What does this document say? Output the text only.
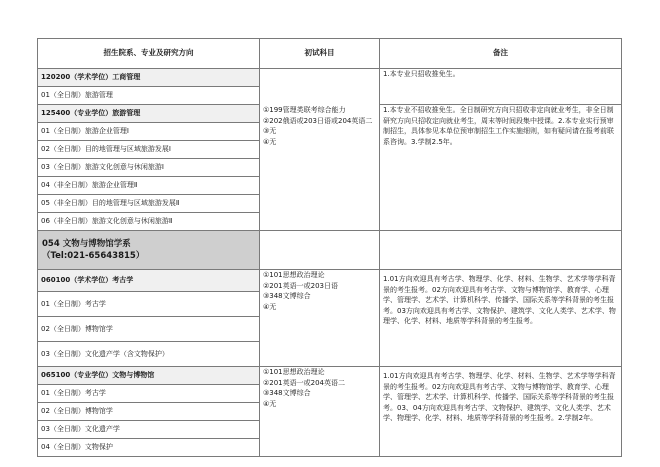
招生院系、专业及研究方向	初试科目	备注
120200（学术学位）工商管理	①199管理类联考综合能力
②202俄语或203日语或204英语二
③无
④无	1.本专业只招收推免生。
01（全日制）旅游管理		
125400（专业学位）旅游管理		1.本专业不招收推免生。全日制研究方向只招收非定向就业考生，非全日制研究方向只招收定向就业考生，周末等时间段集中授课。2.本专业实行预审制招生，具体参见本单位预审制招生工作实施细则，如有疑问请在报考前联系咨询。3.学制2.5年。
01（全日制）旅游企业管理Ⅰ		
02（全日制）目的地管理与区域旅游发展Ⅰ		
03（全日制）旅游文化创意与休闲旅游Ⅰ		
04（非全日制）旅游企业管理Ⅱ		
05（非全日制）目的地管理与区域旅游发展Ⅱ		
06（非全日制）旅游文化创意与休闲旅游Ⅱ		

054 文物与博物馆学系
（Tel:021-65643815）		

060100（学术学位）考古学	①101思想政治理论
②201英语一或203日语
③348文博综合
④无	1.01方向欢迎具有考古学、物理学、化学、材料、生物学、艺术学等学科背景的考生报考。02方向欢迎具有考古学、文物与博物馆学、教育学、心理学、管理学、艺术学、计算机科学、传播学、国际关系等学科背景的考生报考。03方向欢迎具有考古学、文物保护、建筑学、文化人类学、艺术学、物理学、化学、材料、地质等学科背景的考生报考。
01（全日制）考古学		
02（全日制）博物馆学		
03（全日制）文化遗产学（含文物保护）		
065100（专业学位）文物与博物馆	①101思想政治理论
②201英语一或204英语二
③348文博综合
④无	1.01方向欢迎具有考古学、物理学、化学、材料、生物学、艺术学等学科背景的考生报考。02方向欢迎具有考古学、文物与博物馆学、教育学、心理学、管理学、艺术学、计算机科学、传播学、国际关系等学科背景的考生报考。03、04方向欢迎具有考古学、文物保护、建筑学、文化人类学、艺术学、物理学、化学、材料、地质等学科背景的考生报考。2.学制2年。
01（全日制）考古学		
02（全日制）博物馆学		
03（全日制）文化遗产学		
04（全日制）文物保护		
